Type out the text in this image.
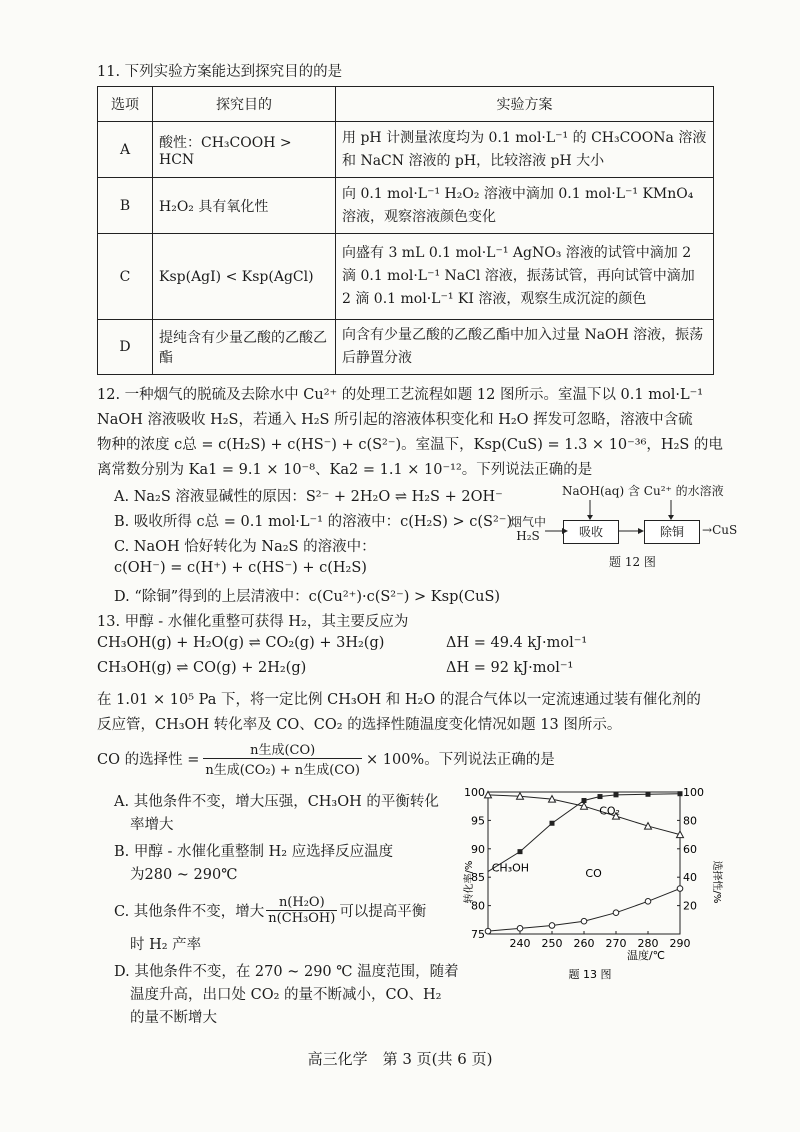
11. 下列实验方案能达到探究目的的是
选项	探究目的	实验方案
A	酸性：CH₃COOH > HCN	用 pH 计测量浓度均为 0.1 mol·L⁻¹ 的 CH₃COONa 溶液和 NaCN 溶液的 pH，比较溶液 pH 大小
B	H₂O₂ 具有氧化性	向 0.1 mol·L⁻¹ H₂O₂ 溶液中滴加 0.1 mol·L⁻¹ KMnO₄ 溶液，观察溶液颜色变化
C	Ksp(AgI) < Ksp(AgCl)	向盛有 3 mL 0.1 mol·L⁻¹ AgNO₃ 溶液的试管中滴加 2 滴 0.1 mol·L⁻¹ NaCl 溶液，振荡试管，再向试管中滴加 2 滴 0.1 mol·L⁻¹ KI 溶液，观察生成沉淀的颜色
D	提纯含有少量乙酸的乙酸乙酯	向含有少量乙酸的乙酸乙酯中加入过量 NaOH 溶液，振荡后静置分液
12. 一种烟气的脱硫及去除水中 Cu²⁺ 的处理工艺流程如题 12 图所示。室温下以 0.1 mol·L⁻¹
NaOH 溶液吸收 H₂S，若通入 H₂S 所引起的溶液体积变化和 H₂O 挥发可忽略，溶液中含硫
物种的浓度 c总 = c(H₂S) + c(HS⁻) + c(S²⁻)。室温下，Ksp(CuS) = 1.3 × 10⁻³⁶，H₂S 的电
离常数分别为 Ka1 = 9.1 × 10⁻⁸、Ka2 = 1.1 × 10⁻¹²。下列说法正确的是
A. Na₂S 溶液显碱性的原因：S²⁻ + 2H₂O ⇌ H₂S + 2OH⁻
B. 吸收所得 c总 = 0.1 mol·L⁻¹ 的溶液中：c(H₂S) > c(S²⁻)
C. NaOH 恰好转化为 Na₂S 的溶液中：
c(OH⁻) = c(H⁺) + c(HS⁻) + c(H₂S)
D. “除铜”得到的上层清液中：c(Cu²⁺)·c(S²⁻) > Ksp(CuS)
NaOH(aq) 含 Cu²⁺ 的水溶液
烟气中
H₂S	吸收	除铜	→CuS
题 12 图
13. 甲醇 - 水催化重整可获得 H₂，其主要反应为
CH₃OH(g) + H₂O(g) ⇌ CO₂(g) + 3H₂(g)	ΔH = 49.4 kJ·mol⁻¹
CH₃OH(g) ⇌ CO(g) + 2H₂(g)	ΔH = 92 kJ·mol⁻¹
在 1.01 × 10⁵ Pa 下，将一定比例 CH₃OH 和 H₂O 的混合气体以一定流速通过装有催化剂的
反应管，CH₃OH 转化率及 CO、CO₂ 的选择性随温度变化情况如题 13 图所示。
CO 的选择性 = $\frac{\text{n生成(CO)}}{\text{n生成(CO₂) + n生成(CO)}} \times 100\%$。下列说法正确的是
A. 其他条件不变，增大压强，CH₃OH 的平衡转化
率增大
B. 甲醇 - 水催化重整制 H₂ 应选择反应温度
为280 ~ 290℃
C. 其他条件不变，增大 $\frac{\text{n(H₂O)}}{\text{n(CH₃OH)}}$ 可以提高平衡
时 H₂ 产率
D. 其他条件不变，在 270 ~ 290 ℃ 温度范围，随着
温度升高，出口处 CO₂ 的量不断减小，CO、H₂
的量不断增大
240 250 260 270 280 290
75
80
85
90
95
100
20
40
60
80
100
CH₃OH
CO₂
CO
题 13 图
温度/℃
转化率/%	选择性/%
高三化学　第 3 页(共 6 页)
